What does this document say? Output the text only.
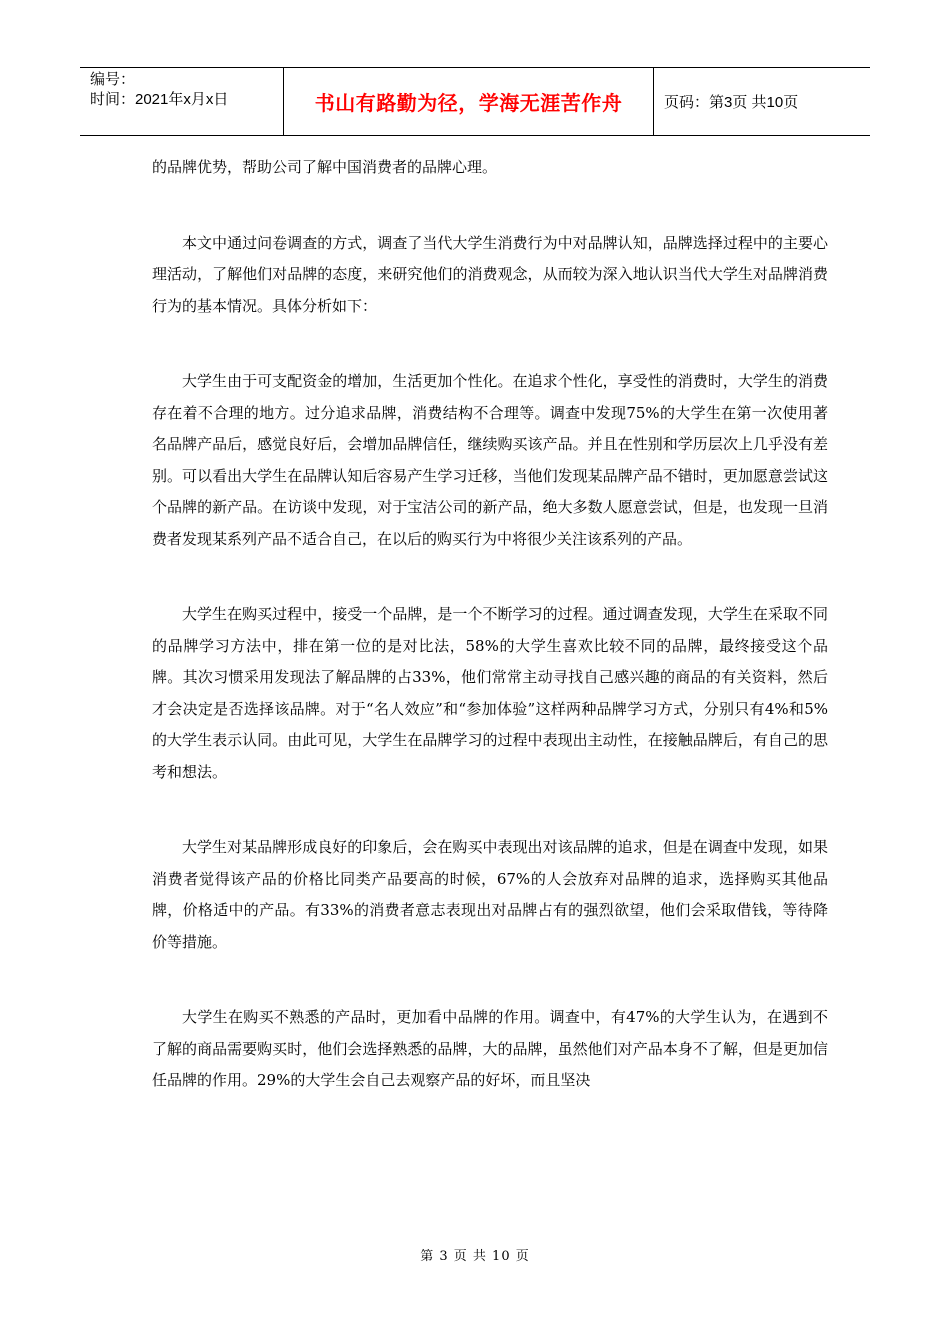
编号：
时间：2021年x月x日	书山有路勤为径，学海无涯苦作舟	页码：第3页 共10页

的品牌优势，帮助公司了解中国消费者的品牌心理。

本文中通过问卷调查的方式，调查了当代大学生消费行为中对品牌认知，品牌选择过程中的主要心理活动，了解他们对品牌的态度，来研究他们的消费观念，从而较为深入地认识当代大学生对品牌消费行为的基本情况。具体分析如下：

大学生由于可支配资金的增加，生活更加个性化。在追求个性化，享受性的消费时，大学生的消费存在着不合理的地方。过分追求品牌，消费结构不合理等。调查中发现75%的大学生在第一次使用著名品牌产品后，感觉良好后，会增加品牌信任，继续购买该产品。并且在性别和学历层次上几乎没有差别。可以看出大学生在品牌认知后容易产生学习迁移，当他们发现某品牌产品不错时，更加愿意尝试这个品牌的新产品。在访谈中发现，对于宝洁公司的新产品，绝大多数人愿意尝试，但是，也发现一旦消费者发现某系列产品不适合自己，在以后的购买行为中将很少关注该系列的产品。

大学生在购买过程中，接受一个品牌，是一个不断学习的过程。通过调查发现，大学生在采取不同的品牌学习方法中，排在第一位的是对比法，58%的大学生喜欢比较不同的品牌，最终接受这个品牌。其次习惯采用发现法了解品牌的占33%，他们常常主动寻找自己感兴趣的商品的有关资料，然后才会决定是否选择该品牌。对于“名人效应”和“参加体验”这样两种品牌学习方式，分别只有4%和5%的大学生表示认同。由此可见，大学生在品牌学习的过程中表现出主动性，在接触品牌后，有自己的思考和想法。

大学生对某品牌形成良好的印象后，会在购买中表现出对该品牌的追求，但是在调查中发现，如果消费者觉得该产品的价格比同类产品要高的时候，67%的人会放弃对品牌的追求，选择购买其他品牌，价格适中的产品。有33%的消费者意志表现出对品牌占有的强烈欲望，他们会采取借钱，等待降价等措施。

大学生在购买不熟悉的产品时，更加看中品牌的作用。调查中，有47%的大学生认为，在遇到不了解的商品需要购买时，他们会选择熟悉的品牌，大的品牌，虽然他们对产品本身不了解，但是更加信任品牌的作用。29%的大学生会自己去观察产品的好坏，而且坚决

第 3 页 共 10 页
